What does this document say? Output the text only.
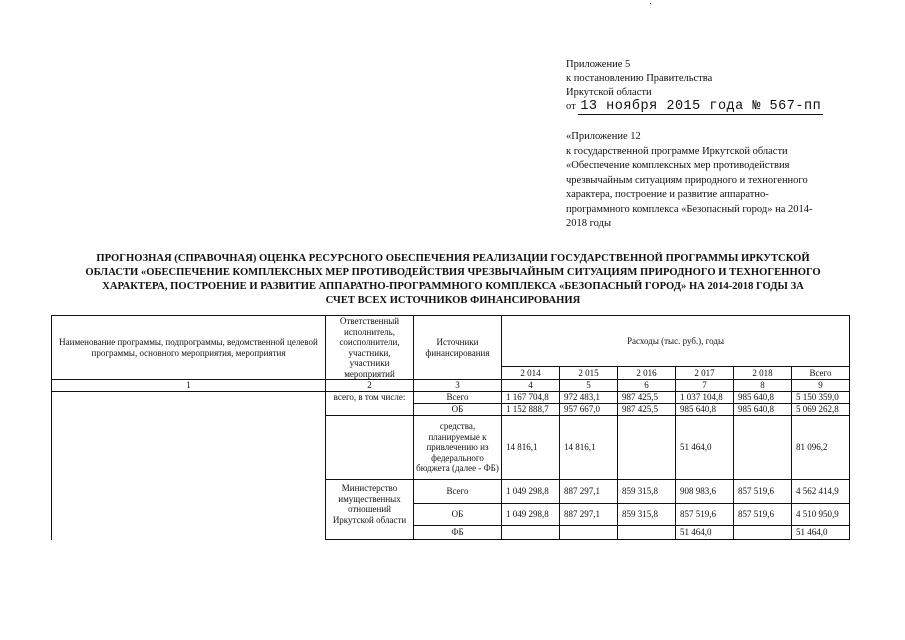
Приложение 5
к постановлению Правительства
Иркутской области
от 13 ноября 2015 года № 567-пп
«Приложение 12
к государственной программе Иркутской области
«Обеспечение комплексных мер противодействия
чрезвычайным ситуациям природного и техногенного
характера, построение и развитие аппаратно-
программного комплекса «Безопасный город» на 2014-
2018 годы
ПРОГНОЗНАЯ (СПРАВОЧНАЯ) ОЦЕНКА РЕСУРСНОГО ОБЕСПЕЧЕНИЯ РЕАЛИЗАЦИИ ГОСУДАРСТВЕННОЙ ПРОГРАММЫ ИРКУТСКОЙ
ОБЛАСТИ «ОБЕСПЕЧЕНИЕ КОМПЛЕКСНЫХ МЕР ПРОТИВОДЕЙСТВИЯ ЧРЕЗВЫЧАЙНЫМ СИТУАЦИЯМ ПРИРОДНОГО И ТЕХНОГЕННОГО
ХАРАКТЕРА, ПОСТРОЕНИЕ И РАЗВИТИЕ АППАРАТНО-ПРОГРАММНОГО КОМПЛЕКСА «БЕЗОПАСНЫЙ ГОРОД» НА 2014-2018 ГОДЫ ЗА
СЧЕТ ВСЕХ ИСТОЧНИКОВ ФИНАНСИРОВАНИЯ
Наименование программы, подпрограммы, ведомственной целевой программы, основного мероприятия, мероприятия	Ответственный исполнитель, соисполнители, участники, участники мероприятий	Источники финансирования	Расходы (тыс. руб.), годы					
			2 014	2 015	2 016	2 017	2 018	Всего
1	2	3	4	5	6	7	8	9
	всего, в том числе:	Всего	1 167 704,8	972 483,1	987 425,5	1 037 104,8	985 640,8	5 150 359,0
		ОБ	1 152 888,7	957 667,0	987 425,5	985 640,8	985 640,8	5 069 262,8
		средства, планируемые к привлечению из федерального бюджета (далее - ФБ)	14 816,1	14 816,1		51 464,0		81 096,2
	Министерство имущественных отношений Иркутской области	Всего	1 049 298,8	887 297,1	859 315,8	908 983,6	857 519,6	4 562 414,9
		ОБ	1 049 298,8	887 297,1	859 315,8	857 519,6	857 519,6	4 510 950,9
		ФБ				51 464,0		51 464,0
